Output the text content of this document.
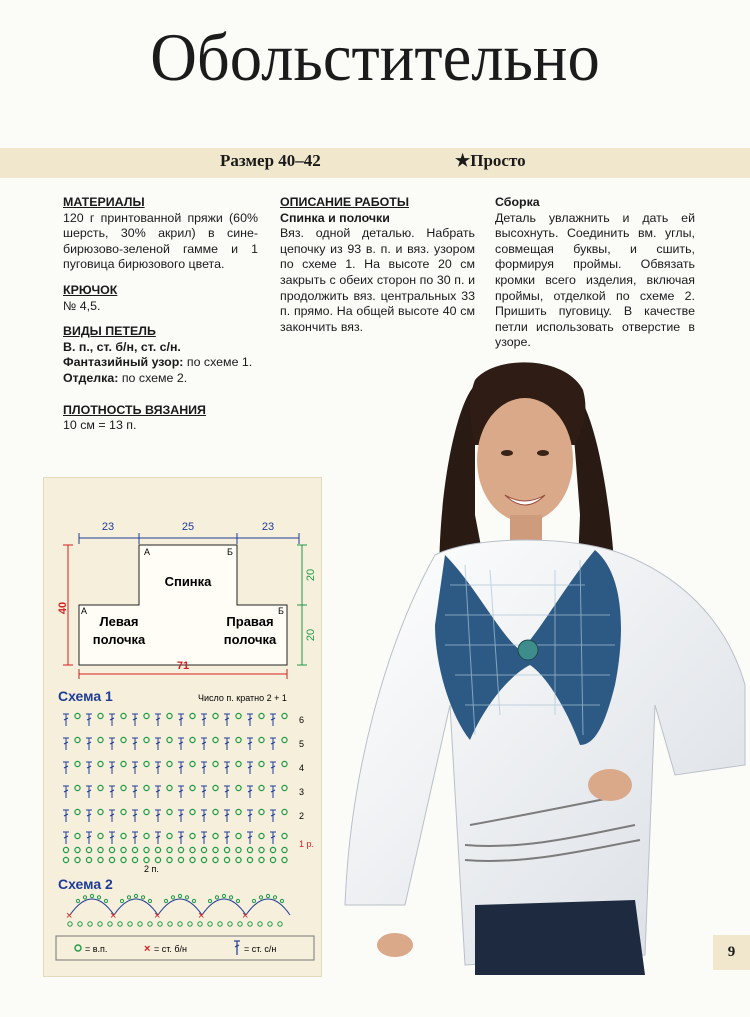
Обольстительно
Размер 40–42	★Просто
МАТЕРИАЛЫ

120 г принтованной пряжи (60% шерсть, 30% акрил) в сине-бирюзово-зеленой гамме и 1 пуговица бирюзового цвета.

КРЮЧОК

№ 4,5.

ВИДЫ ПЕТЕЛЬ

В. п., ст. б/н, ст. с/н.

Фантазийный узор: по схеме 1.

Отделка: по схеме 2.

ПЛОТНОСТЬ ВЯЗАНИЯ

10 см = 13 п.

ОПИСАНИЕ РАБОТЫ
Спинка и полочки

Вяз. одной деталью. Набрать цепочку из 93 в. п. и вяз. узором по схеме 1. На высоте 20 см закрыть с обеих сторон по 30 п. и продолжить вяз. центральных 33 п. прямо. На общей высоте 40 см закончить вяз.

Сборка

Деталь увлажнить и дать ей высохнуть. Соединить вм. углы, совмещая буквы, и сшить, формируя проймы. Обвязать кромки всего изделия, включая проймы, отделкой по схеме 2. Пришить пуговицу. В качестве петли использовать отверстие в узоре.

23	25	23
40
20
20
А	Б
А	Б
Спинка
Левая
полочка
Правая
полочка
71
Схема 1	Число п. кратно 2 + 1
6
5
4
3
2
1 р.
2 п.
Схема 2
×	×	×	×	×
= в.п.	× = ст. б/н	= ст. с/н	9
